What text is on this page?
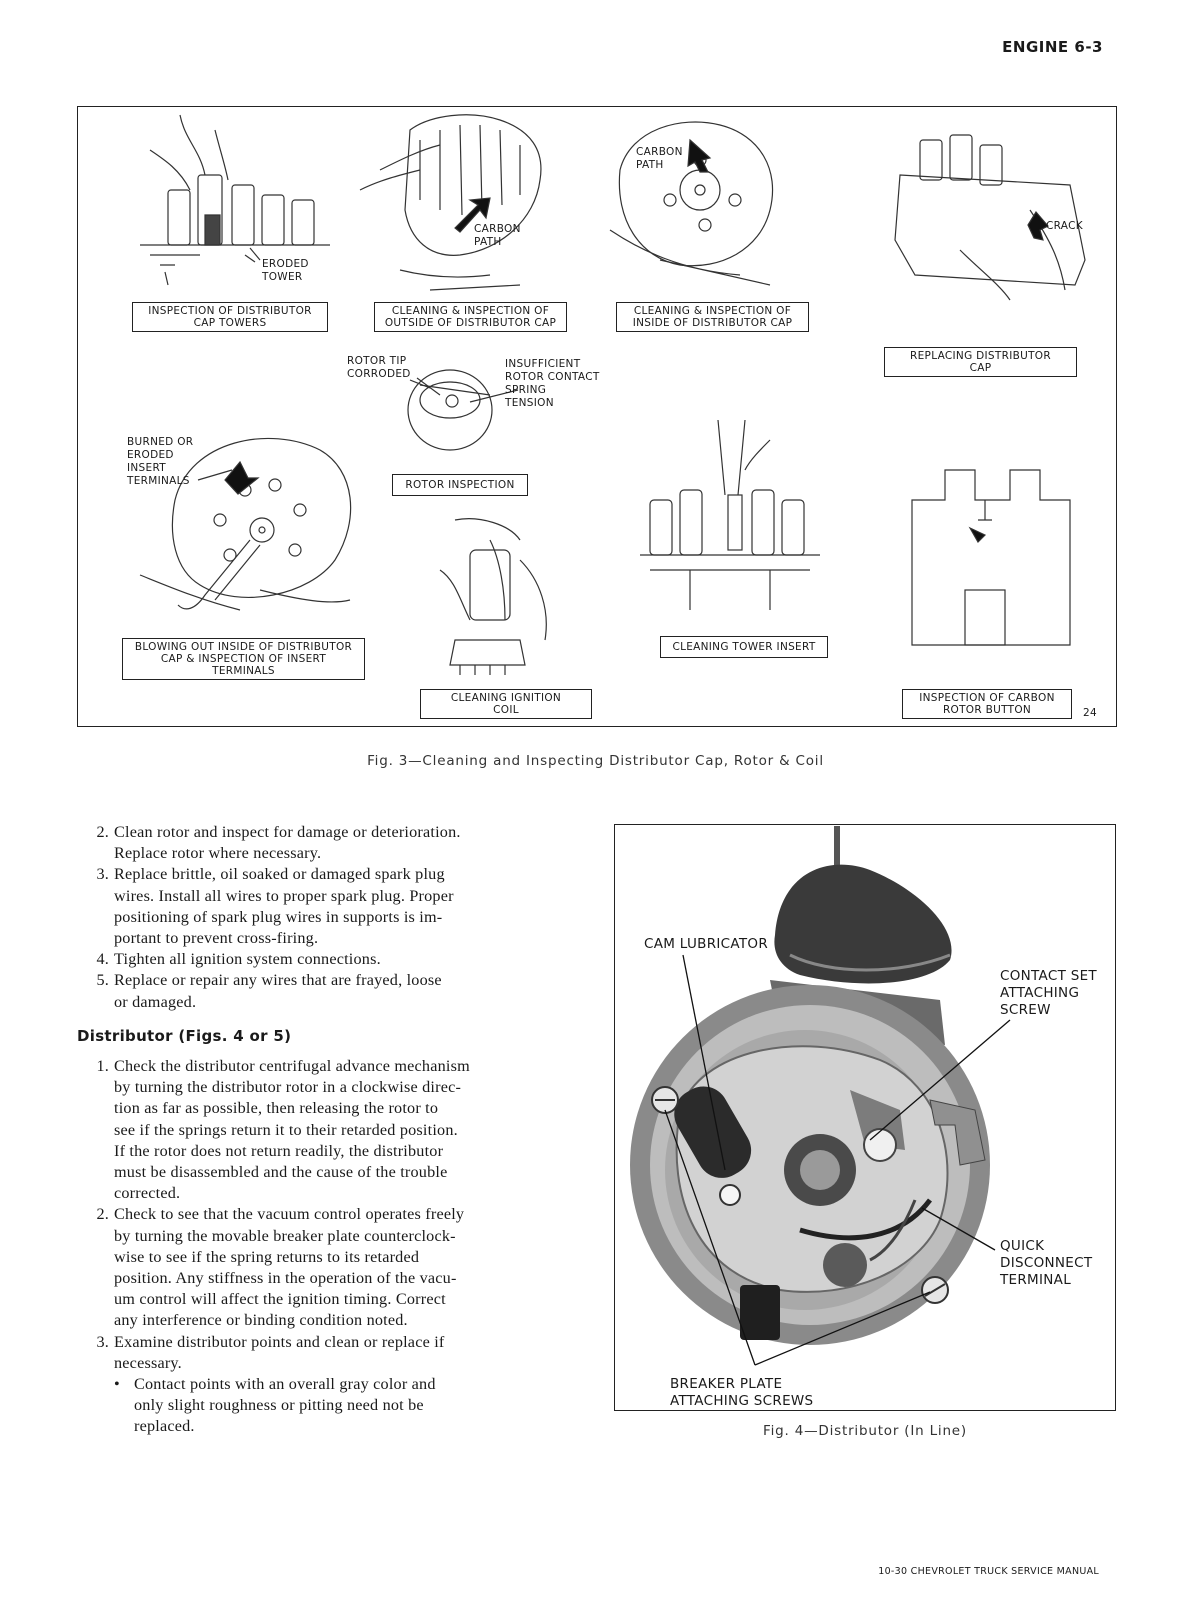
ENGINE 6-3
ERODED
TOWER
INSPECTION OF DISTRIBUTOR
CAP TOWERS
CARBON
PATH
CLEANING & INSPECTION OF
OUTSIDE OF DISTRIBUTOR CAP
CARBON
PATH
CLEANING & INSPECTION OF
INSIDE OF DISTRIBUTOR CAP
CRACK
REPLACING DISTRIBUTOR
CAP
ROTOR TIP
CORRODED
INSUFFICIENT
ROTOR CONTACT
SPRING
TENSION
ROTOR INSPECTION
BURNED OR
ERODED
INSERT
TERMINALS
BLOWING OUT INSIDE OF DISTRIBUTOR
CAP & INSPECTION OF INSERT
TERMINALS
CLEANING IGNITION
COIL
CLEANING TOWER INSERT
INSPECTION OF CARBON
ROTOR BUTTON	24
Fig. 3—Cleaning and Inspecting Distributor Cap, Rotor & Coil
2. Clean rotor and inspect for damage or deterioration.
Replace rotor where necessary.
3. Replace brittle, oil soaked or damaged spark plug
wires. Install all wires to proper spark plug. Proper
positioning of spark plug wires in supports is im-
portant to prevent cross-firing.
4. Tighten all ignition system connections.
5. Replace or repair any wires that are frayed, loose
or damaged.
Distributor (Figs. 4 or 5)
1. Check the distributor centrifugal advance mechanism
by turning the distributor rotor in a clockwise direc-
tion as far as possible, then releasing the rotor to
see if the springs return it to their retarded position.
If the rotor does not return readily, the distributor
must be disassembled and the cause of the trouble
corrected.
2. Check to see that the vacuum control operates freely
by turning the movable breaker plate counterclock-
wise to see if the spring returns to its retarded
position. Any stiffness in the operation of the vacu-
um control will affect the ignition timing. Correct
any interference or binding condition noted.
3. Examine distributor points and clean or replace if
necessary.
• Contact points with an overall gray color and
only slight roughness or pitting need not be
replaced.
CAM LUBRICATOR
CONTACT SET
ATTACHING
SCREW
QUICK
DISCONNECT
TERMINAL
BREAKER PLATE
ATTACHING SCREWS
Fig. 4—Distributor (In Line)
10-30 CHEVROLET TRUCK SERVICE MANUAL
